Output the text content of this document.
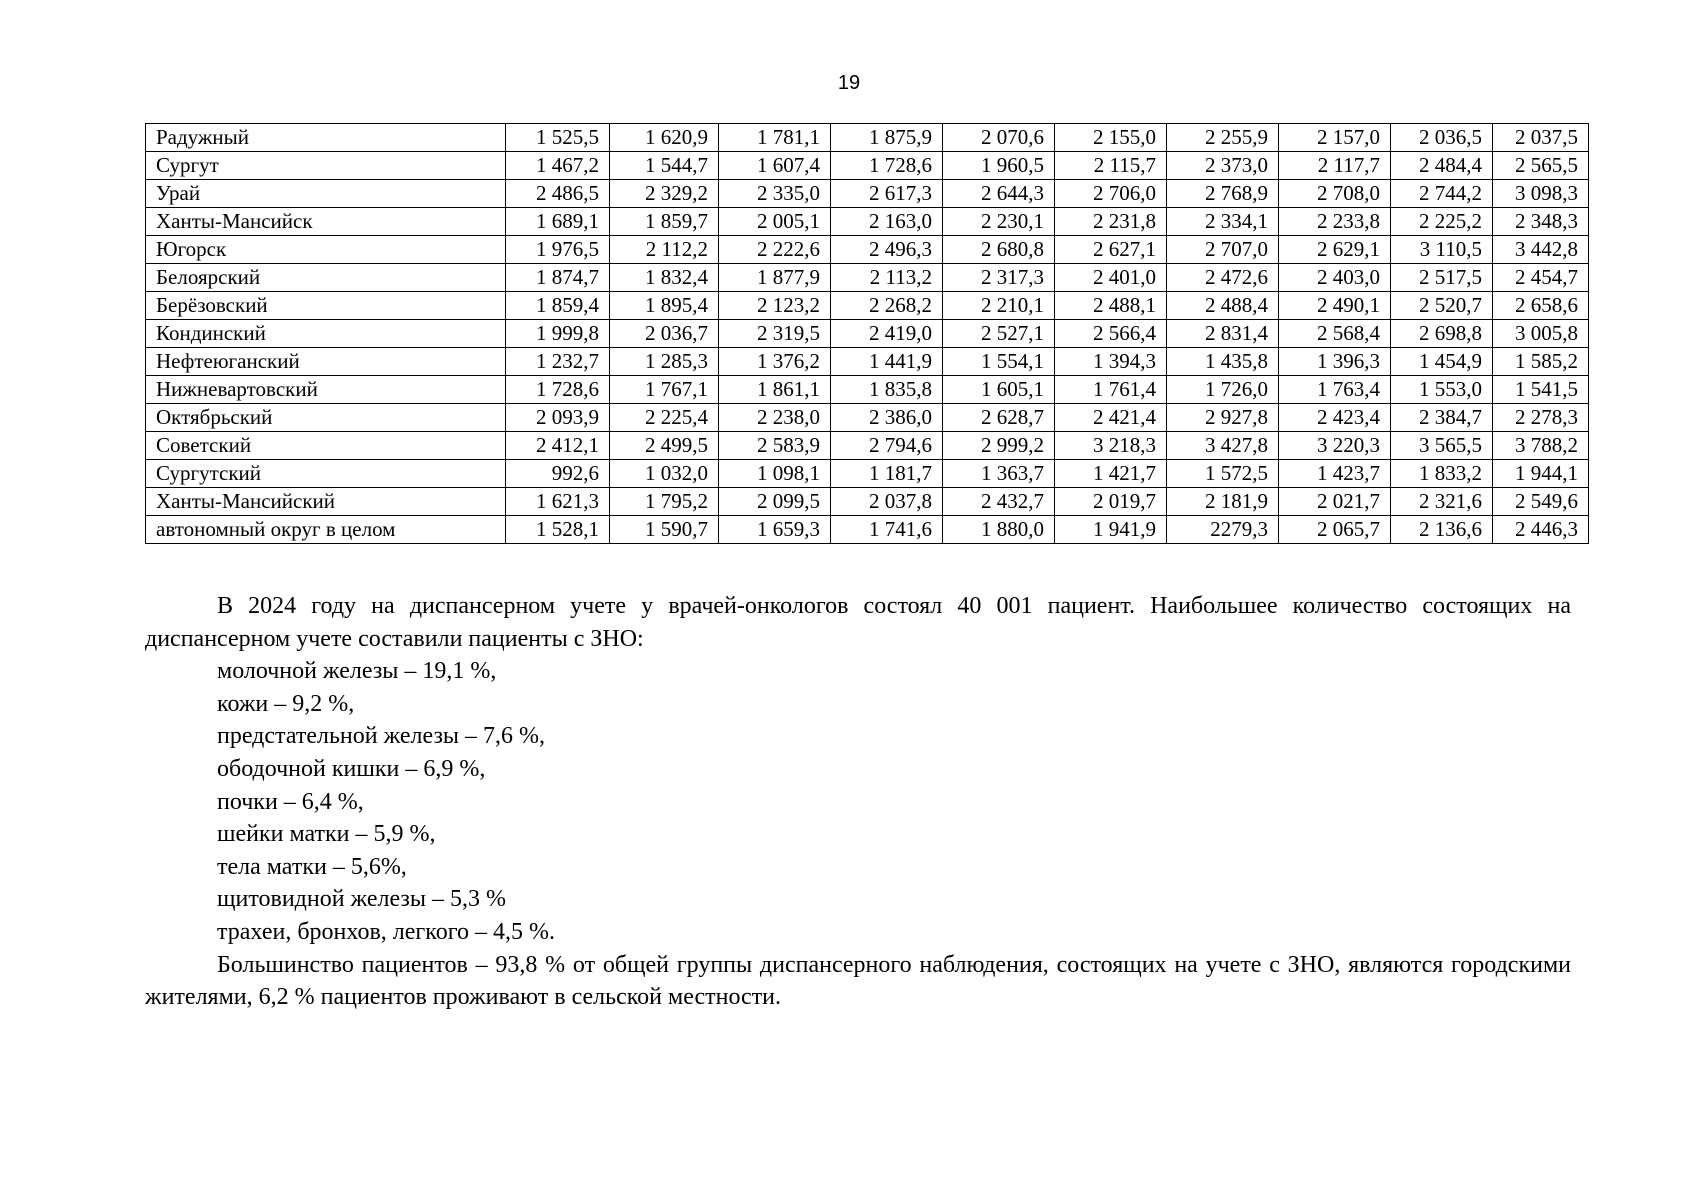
19
Радужный	1 525,5	1 620,9	1 781,1	1 875,9	2 070,6	2 155,0	2 255,9	2 157,0	2 036,5	2 037,5
Сургут	1 467,2	1 544,7	1 607,4	1 728,6	1 960,5	2 115,7	2 373,0	2 117,7	2 484,4	2 565,5
Урай	2 486,5	2 329,2	2 335,0	2 617,3	2 644,3	2 706,0	2 768,9	2 708,0	2 744,2	3 098,3
Ханты-Мансийск	1 689,1	1 859,7	2 005,1	2 163,0	2 230,1	2 231,8	2 334,1	2 233,8	2 225,2	2 348,3
Югорск	1 976,5	2 112,2	2 222,6	2 496,3	2 680,8	2 627,1	2 707,0	2 629,1	3 110,5	3 442,8
Белоярский	1 874,7	1 832,4	1 877,9	2 113,2	2 317,3	2 401,0	2 472,6	2 403,0	2 517,5	2 454,7
Берёзовский	1 859,4	1 895,4	2 123,2	2 268,2	2 210,1	2 488,1	2 488,4	2 490,1	2 520,7	2 658,6
Кондинский	1 999,8	2 036,7	2 319,5	2 419,0	2 527,1	2 566,4	2 831,4	2 568,4	2 698,8	3 005,8
Нефтеюганский	1 232,7	1 285,3	1 376,2	1 441,9	1 554,1	1 394,3	1 435,8	1 396,3	1 454,9	1 585,2
Нижневартовский	1 728,6	1 767,1	1 861,1	1 835,8	1 605,1	1 761,4	1 726,0	1 763,4	1 553,0	1 541,5
Октябрьский	2 093,9	2 225,4	2 238,0	2 386,0	2 628,7	2 421,4	2 927,8	2 423,4	2 384,7	2 278,3
Советский	2 412,1	2 499,5	2 583,9	2 794,6	2 999,2	3 218,3	3 427,8	3 220,3	3 565,5	3 788,2
Сургутский	992,6	1 032,0	1 098,1	1 181,7	1 363,7	1 421,7	1 572,5	1 423,7	1 833,2	1 944,1
Ханты-Мансийский	1 621,3	1 795,2	2 099,5	2 037,8	2 432,7	2 019,7	2 181,9	2 021,7	2 321,6	2 549,6
автономный округ в целом	1 528,1	1 590,7	1 659,3	1 741,6	1 880,0	1 941,9	2279,3	2 065,7	2 136,6	2 446,3

В 2024 году на диспансерном учете у врачей-онкологов состоял 40 001 пациент. Наибольшее количество состоящих на диспансерном учете составили пациенты с ЗНО:

молочной железы – 19,1 %,

кожи – 9,2 %,

предстательной железы – 7,6 %,

ободочной кишки – 6,9 %,

почки – 6,4 %,

шейки матки – 5,9 %,

тела матки – 5,6%,

щитовидной железы – 5,3 %

трахеи, бронхов, легкого – 4,5 %.

Большинство пациентов – 93,8 % от общей группы диспансерного наблюдения, состоящих на учете с ЗНО, являются городскими жителями, 6,2 % пациентов проживают в сельской местности.
